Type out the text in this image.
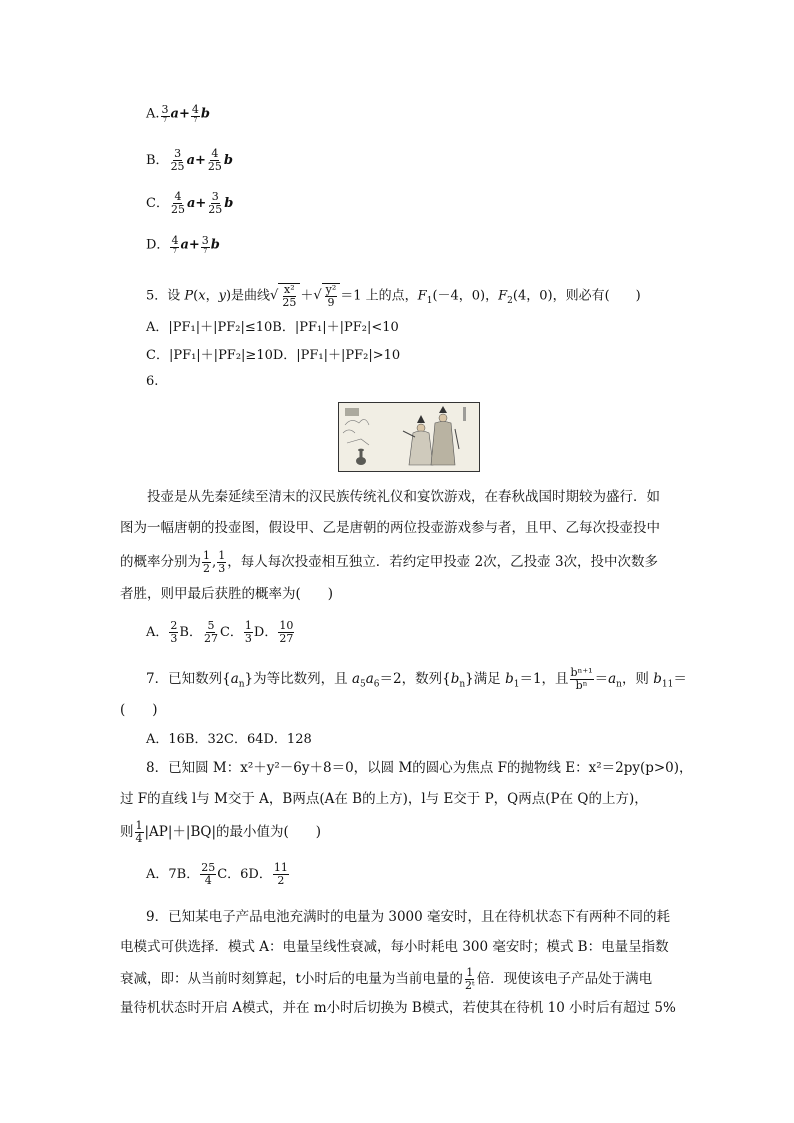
A. $\frac{3}{7} a+ \frac{4}{7}$ b
B． $\frac{3}{25} a+ \frac{4}{25}$ b
C． $\frac{4}{25} a+ \frac{3}{25}$ b
D． $\frac{4}{7} a+ \frac{3}{7}$ b
5．设 P(x，y)是曲线√ $\frac{\text{x²}}{25}$ ＋√ $\frac{\text{y²}}{9} =1$ 上的点，$F_1(-4$，0)，$F_2(4$，0)，则必有(　　)
A．|PF₁|＋|PF₂|≤10B．|PF₁|＋|PF₂|<10
C．|PF₁|＋|PF₂|≥10D．|PF₁|＋|PF₂|>10
6.
投壶是从先秦延续至清末的汉民族传统礼仪和宴饮游戏，在春秋战国时期较为盛行．如
图为一幅唐朝的投壶图，假设甲、乙是唐朝的两位投壶游戏参与者，且甲、乙每次投壶投中
的概率分别为 $\frac{1}{2}$ , $\frac{1}{3}$ ，每人每次投壶相互独立．若约定甲投壶 2次，乙投壶 3次，投中次数多
者胜，则甲最后获胜的概率为(　　)
A． $\frac{2}{3}$ B． $\frac{5}{27}$ C． $\frac{1}{3}$ D． $\frac{10}{27}$
7．已知数列$\{a_n\}$为等比数列，且 $a_5a_6=2$，数列$\{b_n\}$满足 $b_1=1$，且 $\frac{\text{bⁿ⁺¹}}{\text{bⁿ}} =a_n$，则 $b_{11}=$
(　　)
A．16B．32C．64D．128
8．已知圆 M：x²＋y²－6y＋8＝0，以圆 M的圆心为焦点 F的抛物线 E：x²＝2py(p>0)，
过 F的直线 l与 M交于 A，B两点(A在 B的上方)，l与 E交于 P，Q两点(P在 Q的上方)，
则 $\frac{1}{4} |AP|+|BQ|$的最小值为(　　)
A．7B． $\frac{25}{4}$ C．6D． $\frac{11}{2}$
9．已知某电子产品电池充满时的电量为 3000 毫安时，且在待机状态下有两种不同的耗
电模式可供选择．模式 A：电量呈线性衰减，每小时耗电 300 毫安时；模式 B：电量呈指数
衰减，即：从当前时刻算起，t小时后的电量为当前电量的 $\frac{1}{\text{2ᵗ}}$ 倍．现使该电子产品处于满电
量待机状态时开启 A模式，并在 m小时后切换为 B模式，若使其在待机 10 小时后有超过 5%
